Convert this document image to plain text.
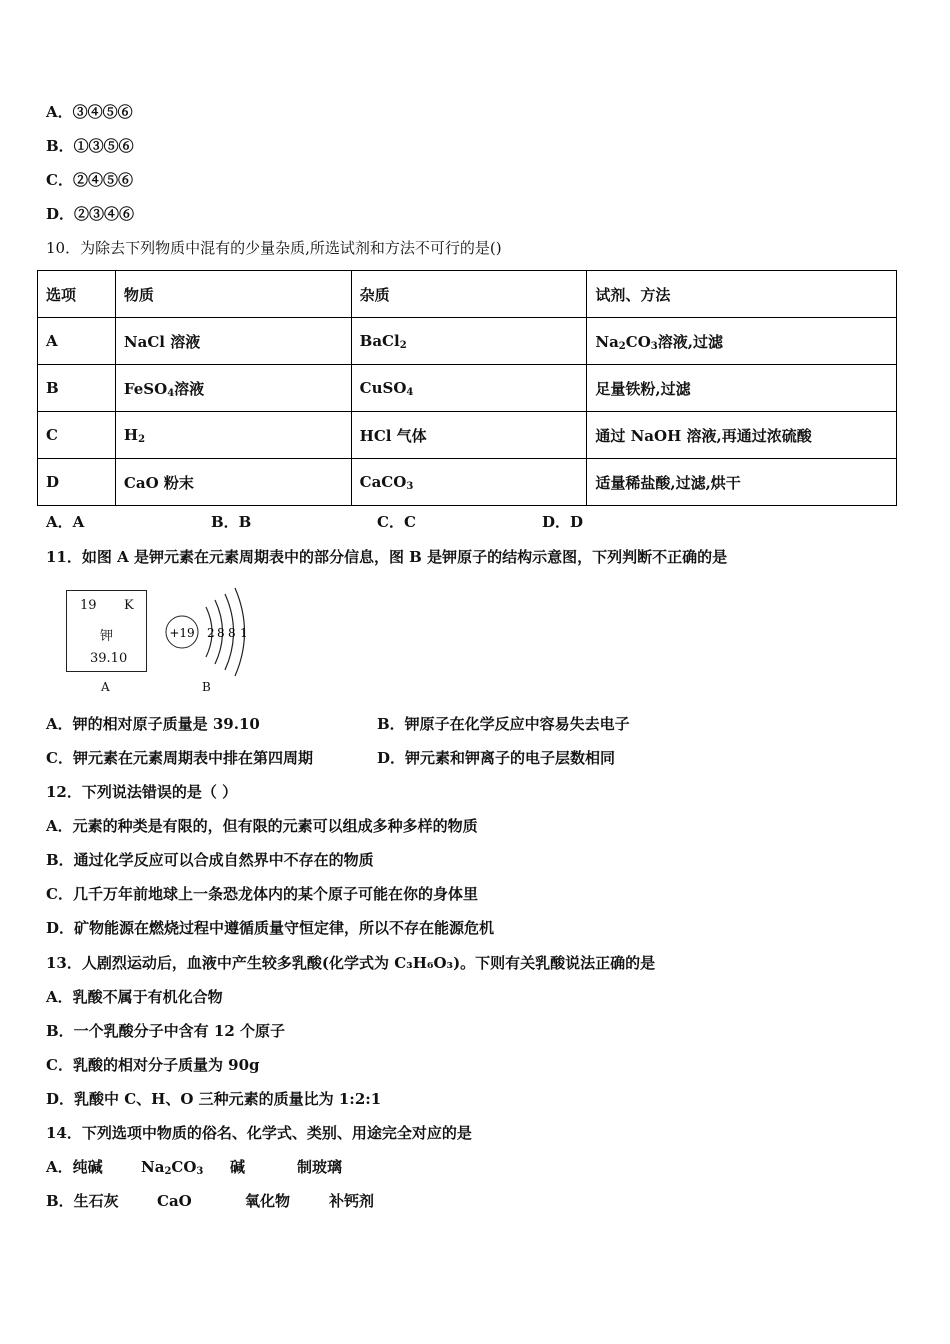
A．③④⑤⑥
B．①③⑤⑥
C．②④⑤⑥
D．②③④⑥
10．为除去下列物质中混有的少量杂质,所选试剂和方法不可行的是()
选项	物质	杂质	试剂、方法
A	NaCl 溶液	BaCl$_2$	$Na_2CO_3$溶液,过滤
B	FeSO$_4$溶液	CuSO$_4$	足量铁粉,过滤
C	$H_2$	HCl 气体	通过 NaOH 溶液,再通过浓硫酸
D	CaO 粉末	CaCO$_3$	适量稀盐酸,过滤,烘干
A．A	B．B	C．C	D．D
11．如图 A 是钾元素在元素周期表中的部分信息，图 B 是钾原子的结构示意图，下列判断不正确的是
19 K
钾
39.10
A
+19 2 8 8 1
B
A．钾的相对原子质量是 39.10	B．钾原子在化学反应中容易失去电子
C．钾元素在元素周期表中排在第四周期	D．钾元素和钾离子的电子层数相同
12．下列说法错误的是（ ）
A．元素的种类是有限的，但有限的元素可以组成多种多样的物质
B．通过化学反应可以合成自然界中不存在的物质
C．几千万年前地球上一条恐龙体内的某个原子可能在你的身体里
D．矿物能源在燃烧过程中遵循质量守恒定律，所以不存在能源危机
13．人剧烈运动后，血液中产生较多乳酸(化学式为 C₃H₆O₃)。下则有关乳酸说法正确的是
A．乳酸不属于有机化合物
B．一个乳酸分子中含有 12 个原子
C．乳酸的相对分子质量为 90g
D．乳酸中 C、H、O 三种元素的质量比为 1:2:1
14．下列选项中物质的俗名、化学式、类别、用途完全对应的是
A．纯碱	$Na_2CO_3$ 碱	制玻璃
B．生石灰	CaO	氧化物	补钙剂
